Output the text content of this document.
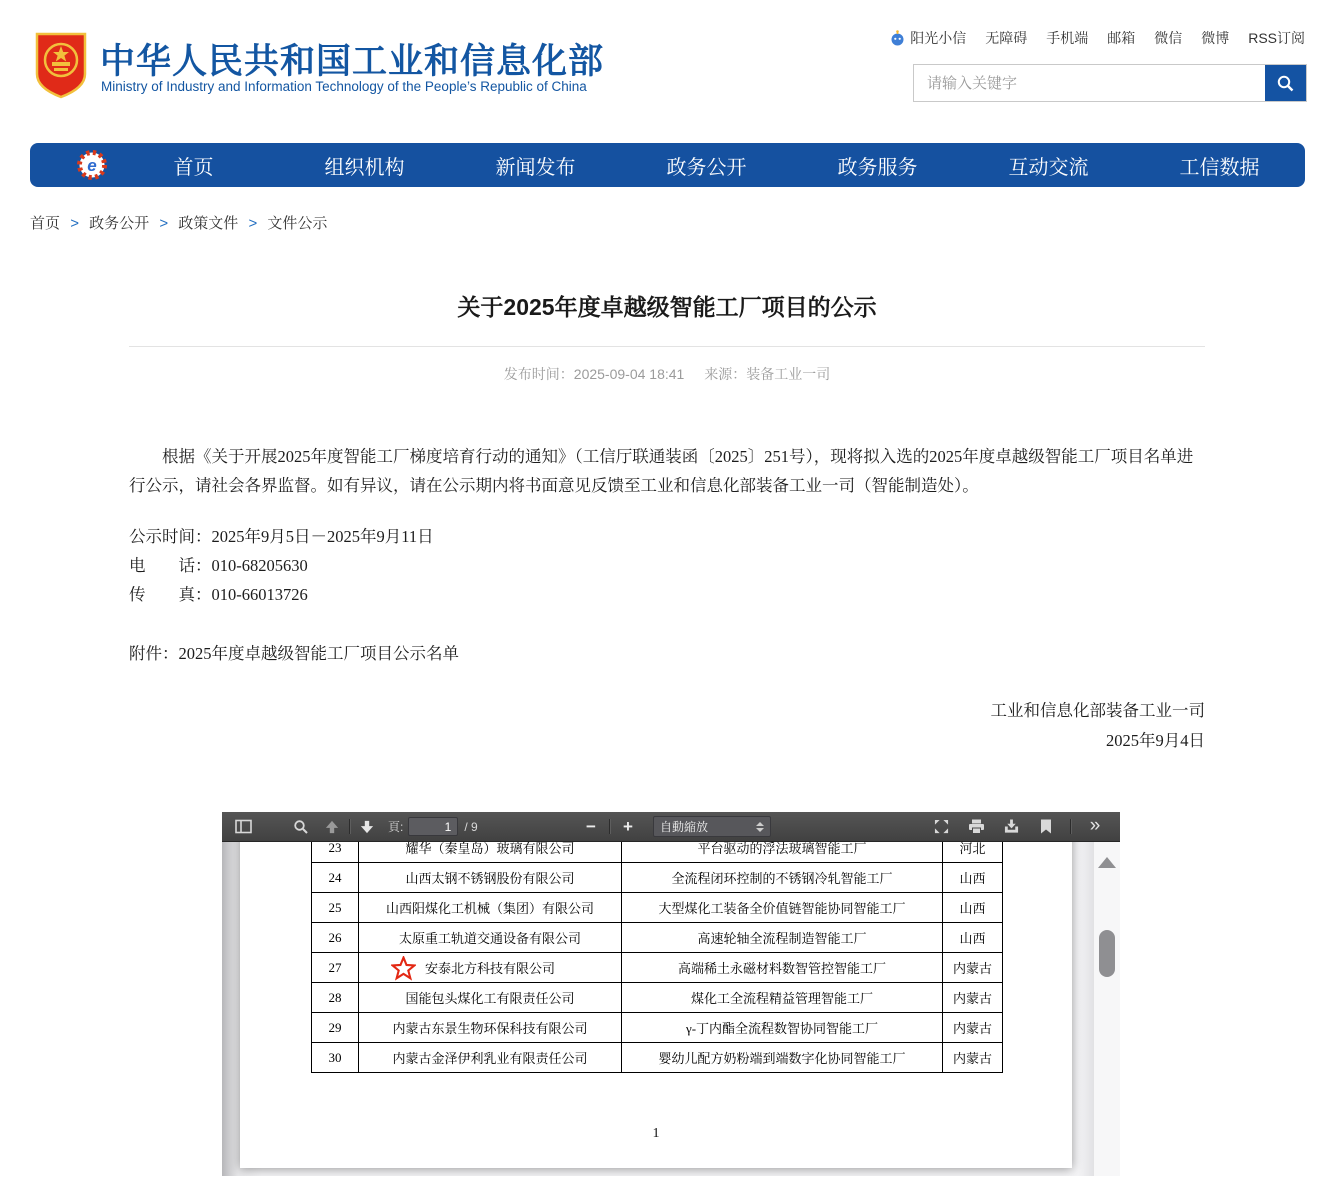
中华人民共和国工业和信息化部
Ministry of Industry and Information Technology of the People’s Republic of China
阳光小信 无障碍 手机端 邮箱 微信 微博 RSS订阅
请输入关键字
e	首页	组织机构	新闻发布	政务公开	政务服务	互动交流	工信数据
首页 > 政务公开 > 政策文件 > 文件公示
关于2025年度卓越级智能工厂项目的公示
发布时间：2025-09-04 18:41 来源：装备工业一司

根据《关于开展2025年度智能工厂梯度培育行动的通知》（工信厅联通装函〔2025〕251号），现将拟入选的2025年度卓越级智能工厂项目名单进行公示，请社会各界监督。如有异议，请在公示期内将书面意见反馈至工业和信息化部装备工业一司（智能制造处）。

公示时间：2025年9月5日－2025年9月11日
电　　话：010-68205630
传　　真：010-66013726
附件：2025年度卓越级智能工厂项目公示名单
工业和信息化部装备工业一司
2025年9月4日
頁:
1	/ 9	−	+	自動縮放	»
23	耀华（秦皇岛）玻璃有限公司	平台驱动的浮法玻璃智能工厂	河北
24	山西太钢不锈钢股份有限公司	全流程闭环控制的不锈钢冷轧智能工厂	山西
25	山西阳煤化工机械（集团）有限公司	大型煤化工装备全价值链智能协同智能工厂	山西
26	太原重工轨道交通设备有限公司	高速轮轴全流程制造智能工厂	山西
27	安泰北方科技有限公司	高端稀土永磁材料数智管控智能工厂	内蒙古
28	国能包头煤化工有限责任公司	煤化工全流程精益管理智能工厂	内蒙古
29	内蒙古东景生物环保科技有限公司	γ-丁内酯全流程数智协同智能工厂	内蒙古
30	内蒙古金泽伊利乳业有限责任公司	婴幼儿配方奶粉端到端数字化协同智能工厂	内蒙古
1
